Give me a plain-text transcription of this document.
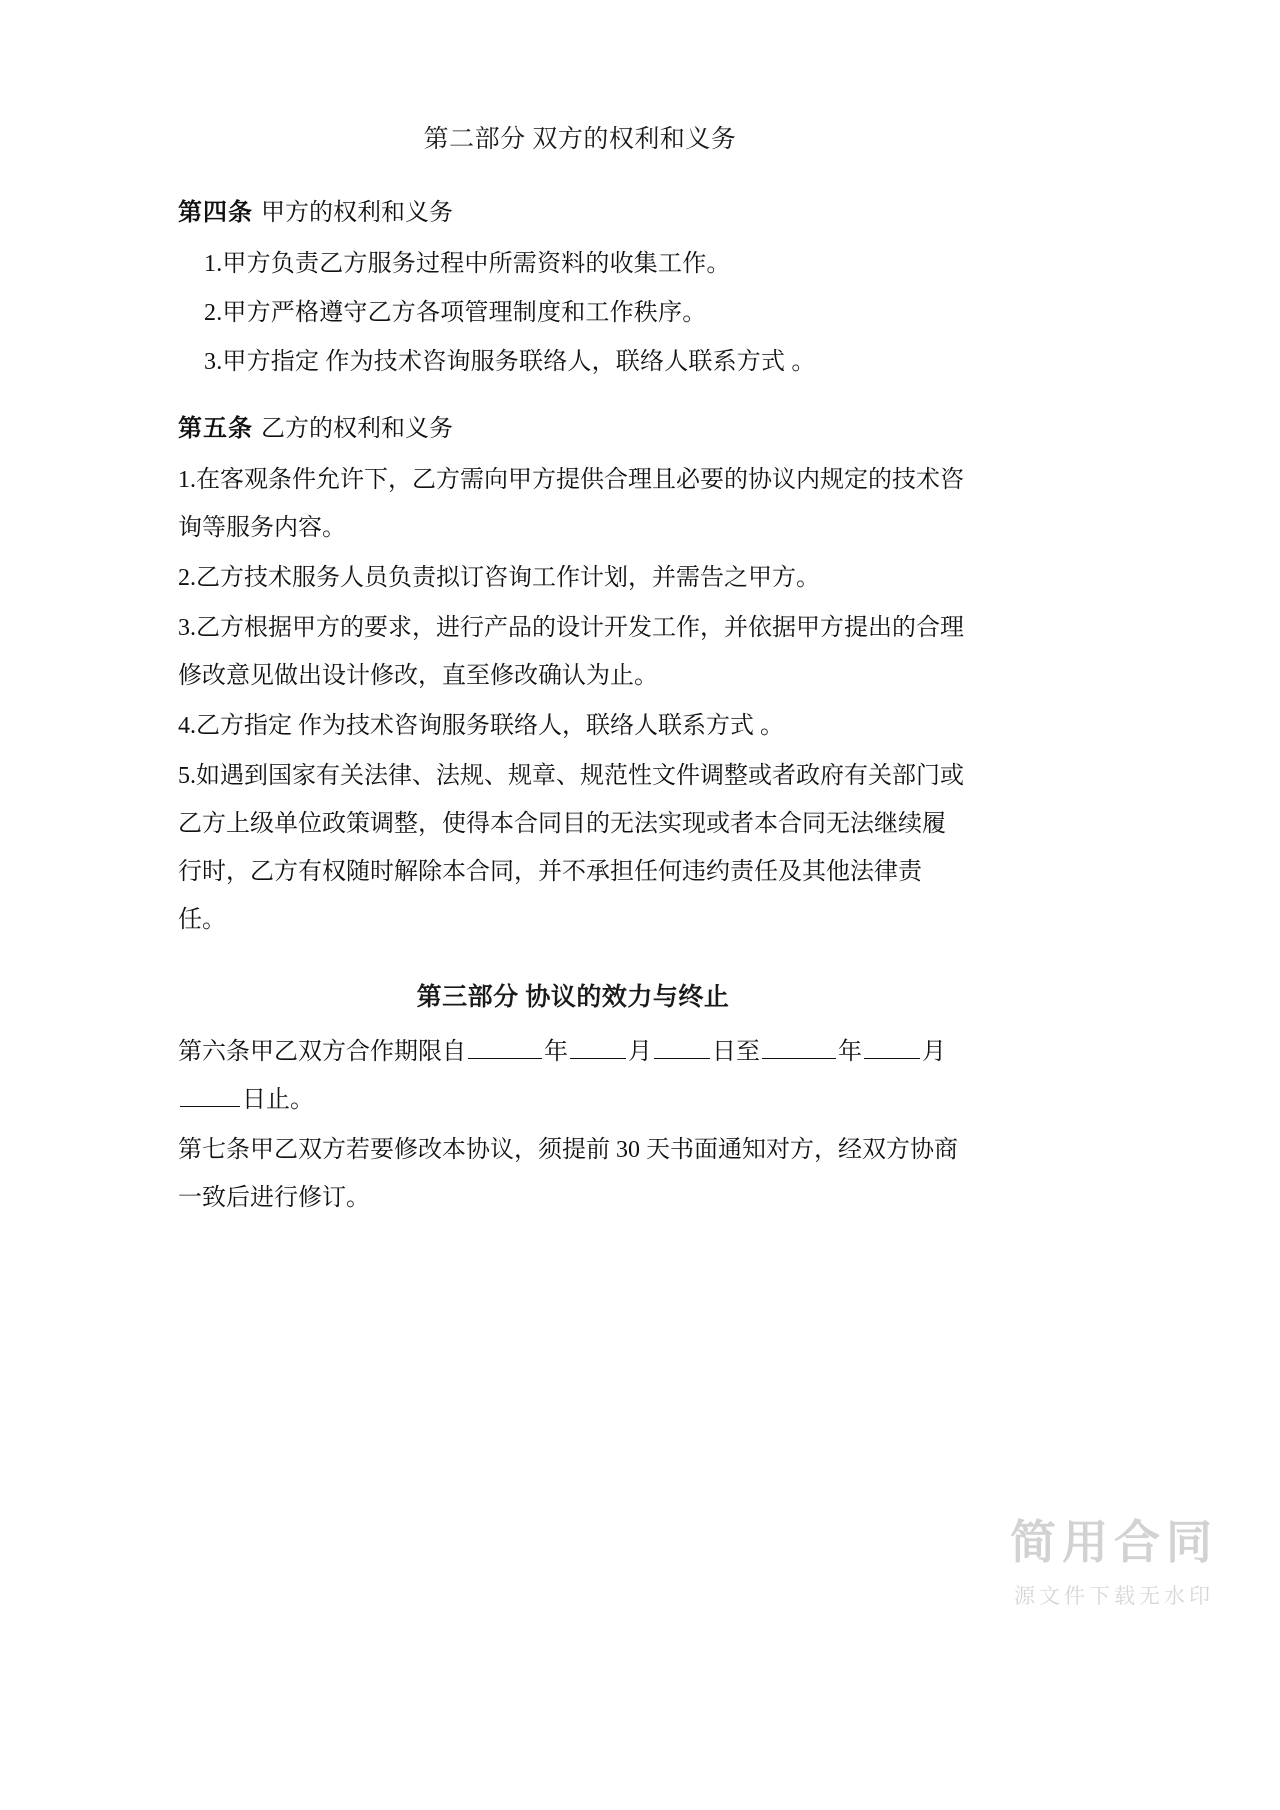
第二部分 双方的权利和义务
第四条 甲方的权利和义务
1.甲方负责乙方服务过程中所需资料的收集工作。
2.甲方严格遵守乙方各项管理制度和工作秩序。
3.甲方指定 作为技术咨询服务联络人，联络人联系方式 。
第五条 乙方的权利和义务
1.在客观条件允许下，乙方需向甲方提供合理且必要的协议内规定的技术咨询等服务内容。
2.乙方技术服务人员负责拟订咨询工作计划，并需告之甲方。
3.乙方根据甲方的要求，进行产品的设计开发工作，并依据甲方提出的合理修改意见做出设计修改，直至修改确认为止。
4.乙方指定 作为技术咨询服务联络人，联络人联系方式 。
5.如遇到国家有关法律、法规、规章、规范性文件调整或者政府有关部门或乙方上级单位政策调整，使得本合同目的无法实现或者本合同无法继续履行时，乙方有权随时解除本合同，并不承担任何违约责任及其他法律责任。
第三部分 协议的效力与终止
第六条甲乙双方合作期限自	年	月	日至	年	月日止。
第七条甲乙双方若要修改本协议，须提前 30 天书面通知对方，经双方协商一致后进行修订。
简用合同
源文件下载无水印
